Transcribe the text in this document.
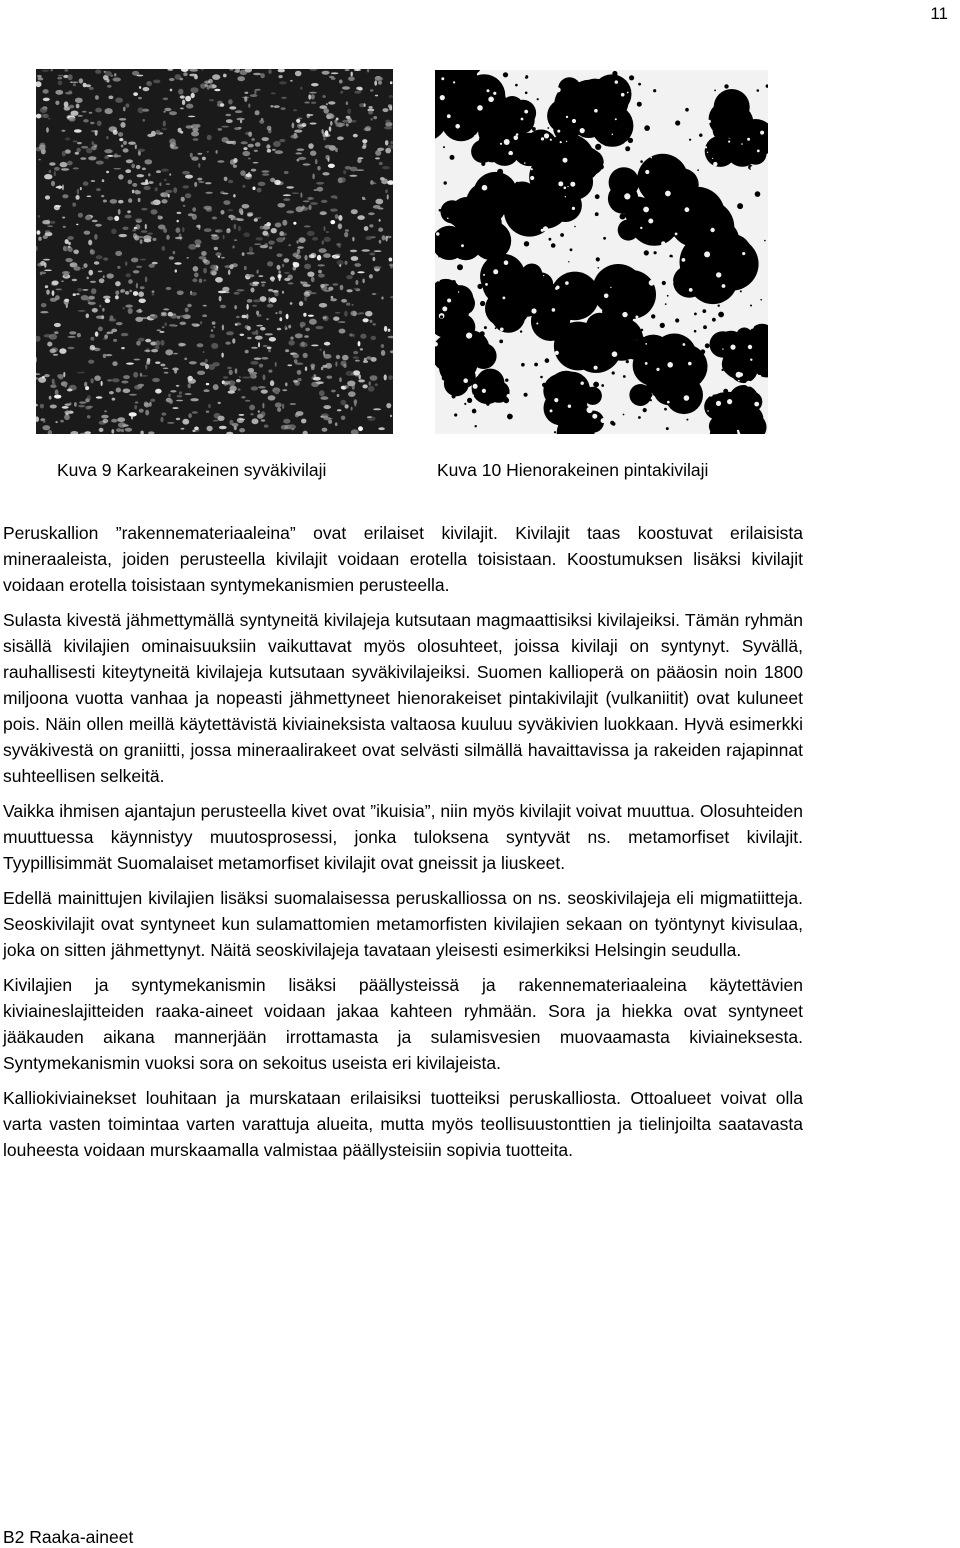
11
Kuva 9 Karkearakeinen syväkivilaji	Kuva 10 Hienorakeinen pintakivilaji

Peruskallion ”rakennemateriaaleina” ovat erilaiset kivilajit. Kivilajit taas koostuvat erilaisista mineraaleista, joiden perusteella kivilajit voidaan erotella toisistaan. Koostumuksen lisäksi kivilajit voidaan erotella toisistaan syntymekanismien perusteella.

Sulasta kivestä jähmettymällä syntyneitä kivilajeja kutsutaan magmaattisiksi kivilajeiksi. Tämän ryhmän sisällä kivilajien ominaisuuksiin vaikuttavat myös olosuhteet, joissa kivilaji on syntynyt. Syvällä, rauhallisesti kiteytyneitä kivilajeja kutsutaan syväkivilajeiksi. Suomen kallioperä on pääosin noin 1800 miljoona vuotta vanhaa ja nopeasti jähmettyneet hienorakeiset pintakivilajit (vulkaniitit) ovat kuluneet pois. Näin ollen meillä käytettävistä kiviaineksista valtaosa kuuluu syväkivien luokkaan. Hyvä esimerkki syväkivestä on graniitti, jossa mineraalirakeet ovat selvästi silmällä havaittavissa ja rakeiden rajapinnat suhteellisen selkeitä.

Vaikka ihmisen ajantajun perusteella kivet ovat ”ikuisia”, niin myös kivilajit voivat muuttua. Olosuhteiden muuttuessa käynnistyy muutosprosessi, jonka tuloksena syntyvät ns. metamorfiset kivilajit. Tyypillisimmät Suomalaiset metamorfiset kivilajit ovat gneissit ja liuskeet.

Edellä mainittujen kivilajien lisäksi suomalaisessa peruskalliossa on ns. seoskivilajeja eli migmatiitteja. Seoskivilajit ovat syntyneet kun sulamattomien metamorfisten kivilajien sekaan on työntynyt kivisulaa, joka on sitten jähmettynyt. Näitä seoskivilajeja tavataan yleisesti esimerkiksi Helsingin seudulla.

Kivilajien ja syntymekanismin lisäksi päällysteissä ja rakennemateriaaleina käytettävien kiviaineslajitteiden raaka-aineet voidaan jakaa kahteen ryhmään. Sora ja hiekka ovat syntyneet jääkauden aikana mannerjään irrottamasta ja sulamisvesien muovaamasta kiviaineksesta. Syntymekanismin vuoksi sora on sekoitus useista eri kivilajeista.

Kalliokiviainekset louhitaan ja murskataan erilaisiksi tuotteiksi peruskalliosta. Ottoalueet voivat olla varta vasten toimintaa varten varattuja alueita, mutta myös teollisuustonttien ja tielinjoilta saatavasta louheesta voidaan murskaamalla valmistaa päällysteisiin sopivia tuotteita.

B2 Raaka-aineet
